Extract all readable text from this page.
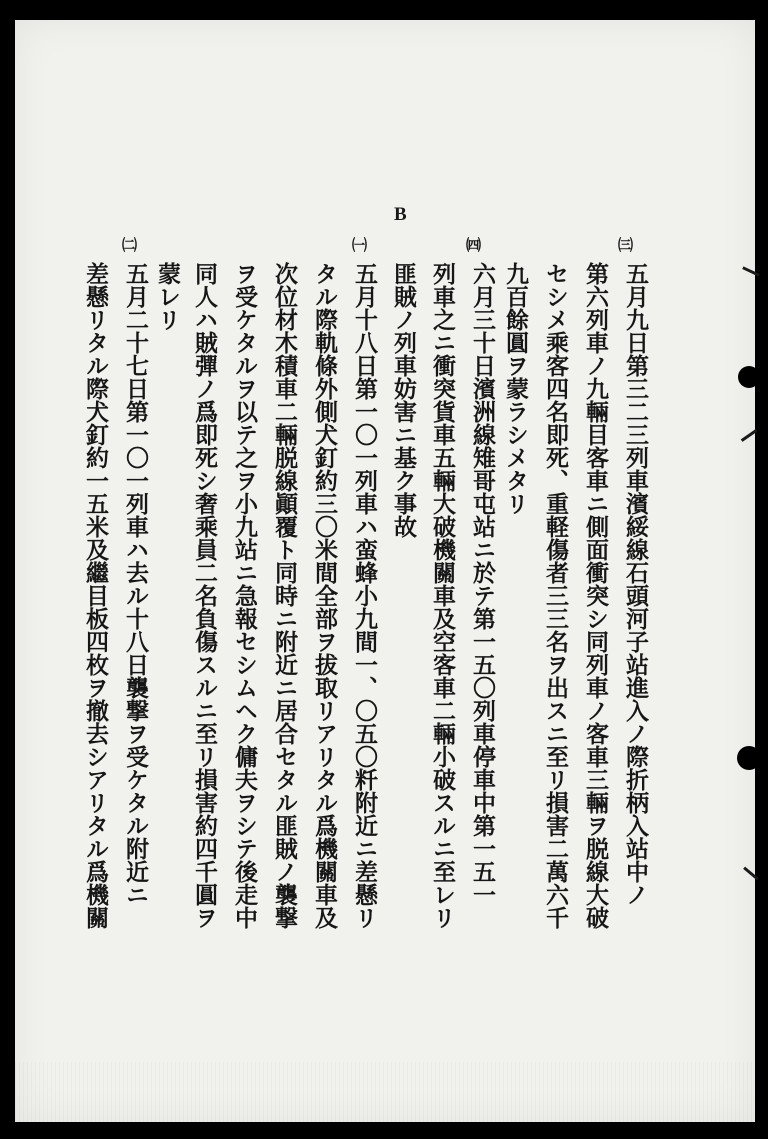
B
㈢
五月九日第三二三列車濱綏線石頭河子站進入ノ際折柄入站中ノ
第六列車ノ九輛目客車ニ側面衝突シ同列車ノ客車三輛ヲ脱線大破
セシメ乘客四名即死、重軽傷者三三名ヲ出スニ至リ損害二萬六千
九百餘圓ヲ蒙ラシメタリ
㈣
六月三十日濱洲線雉哥屯站ニ於テ第一五〇列車停車中第一五一
列車之ニ衝突貨車五輛大破機關車及空客車二輛小破スルニ至レリ
匪賊ノ列車妨害ニ基ク事故
㈠
五月十八日第一〇一列車ハ蛮蜂小九間一、〇五〇粁附近ニ差懸リ
タル際軌條外側犬釘約三〇米間全部ヲ拔取リアリタル爲機關車及
次位材木積車二輛脱線顚覆ト同時ニ附近ニ居合セタル匪賊ノ襲撃
ヲ受ケタルヲ以テ之ヲ小九站ニ急報セシムヘク傭夫ヲシテ後走中
同人ハ賊彈ノ爲即死シ奢乘員二名負傷スルニ至リ損害約四千圓ヲ
蒙レリ
㈡
五月二十七日第一〇一列車ハ去ル十八日襲撃ヲ受ケタル附近ニ
差懸リタル際犬釘約一五米及繼目板四枚ヲ撤去シアリタル爲機關
